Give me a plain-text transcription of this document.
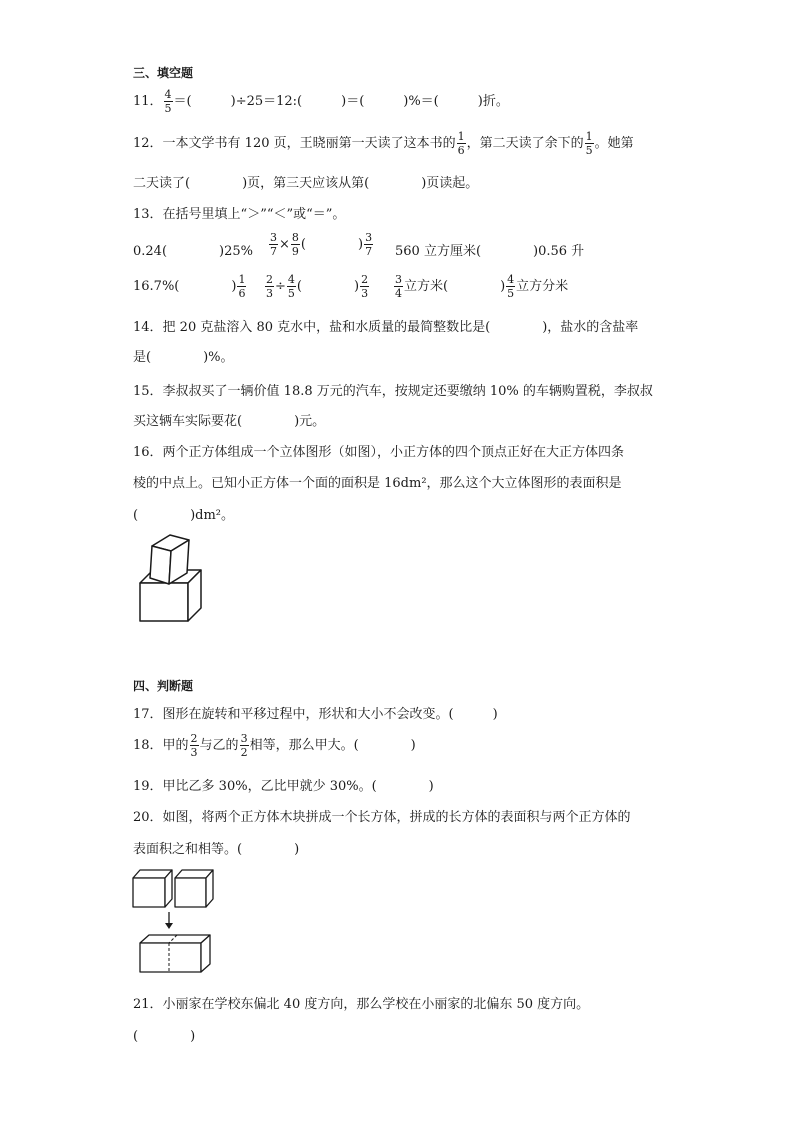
三、填空题
11． $\frac{4}{5}$ ＝(　　　)÷25＝12:(　　　)＝(　　　)%＝(　　　)折。
12．一本文学书有 120 页，王晓丽第一天读了这本书的 $\frac{1}{6}$ ，第二天读了余下的 $\frac{1}{5}$ 。她第
二天读了(　　　　)页，第三天应该从第(　　　　)页读起。
13．在括号里填上“＞”“＜”或“＝”。
0.24(　　　　)$25\% \frac{3}{7} \times \frac{8}{9}$ (　　　　) $\frac{3}{7} 560$ 立方厘米(　　　　)0.56 升
16.7%(　　　　) $\frac{1}{6} \frac{2}{3} \div \frac{4}{5}$ (　　　　) $\frac{2}{3} \frac{3}{4}$ 立方米(　　　　) $\frac{4}{5}$ 立方分米
14．把 20 克盐溶入 80 克水中，盐和水质量的最简整数比是(　　　　)，盐水的含盐率
是(　　　　)%。
15．李叔叔买了一辆价值 18.8 万元的汽车，按规定还要缴纳 10% 的车辆购置税，李叔叔
买这辆车实际要花(　　　　)元。
16．两个正方体组成一个立体图形（如图），小正方体的四个顶点正好在大正方体四条
棱的中点上。已知小正方体一个面的面积是 16dm²，那么这个大立体图形的表面积是
(　　　　)dm²。
四、判断题
17．图形在旋转和平移过程中，形状和大小不会改变。(　　　)
18．甲的 $\frac{2}{3}$ 与乙的 $\frac{3}{2}$ 相等，那么甲大。(　　　　)
19．甲比乙多 30%，乙比甲就少 30%。(　　　　)
20．如图，将两个正方体木块拼成一个长方体，拼成的长方体的表面积与两个正方体的
表面积之和相等。(　　　　)
21．小丽家在学校东偏北 40 度方向，那么学校在小丽家的北偏东 50 度方向。
(　　　　)
